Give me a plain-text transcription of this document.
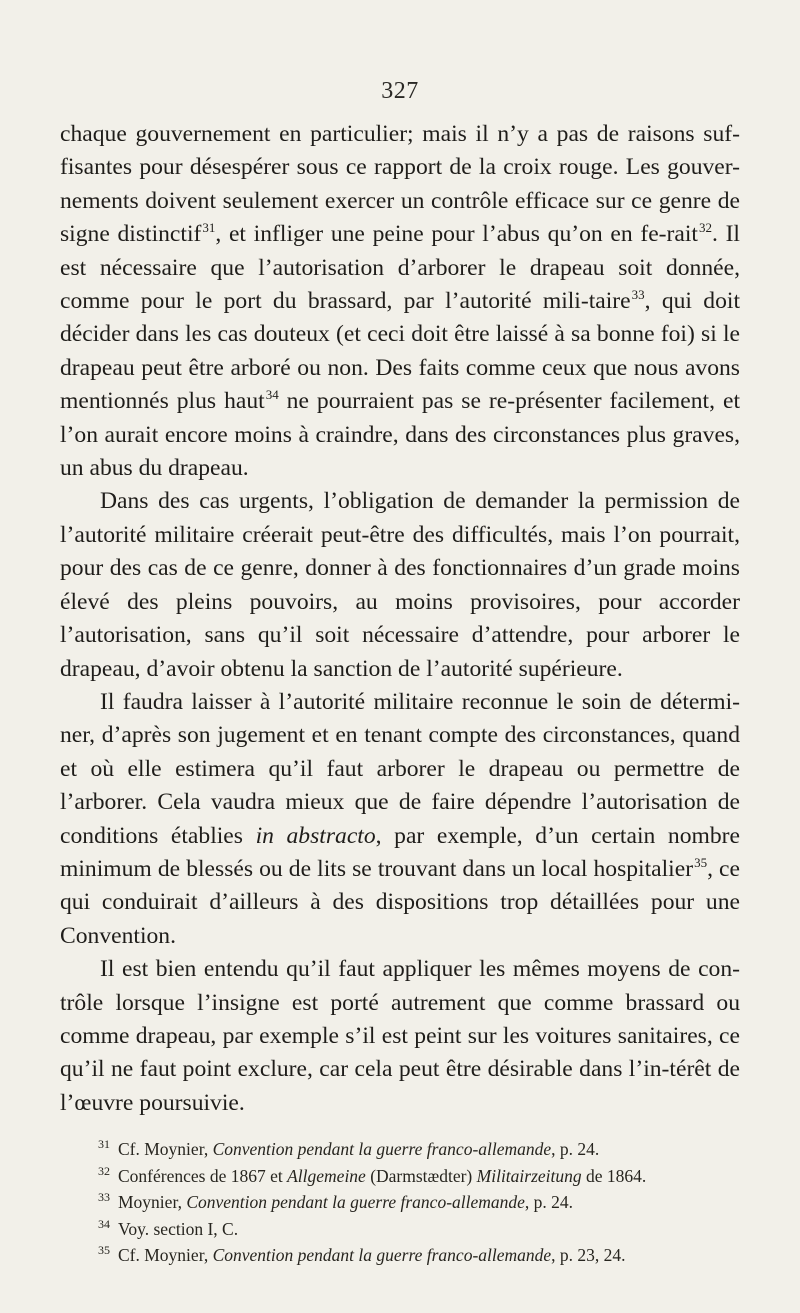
327

chaque gouvernement en particulier; mais il n’y a pas de raisons suf-fisantes pour désespérer sous ce rapport de la croix rouge. Les gouver-nements doivent seulement exercer un contrôle efficace sur ce genre de signe distinctif$^{31}$, et infliger une peine pour l’abus qu’on en fe-rait$^{32}$. Il est nécessaire que l’autorisation d’arborer le drapeau soit donnée, comme pour le port du brassard, par l’autorité mili-taire$^{33}$, qui doit décider dans les cas douteux (et ceci doit être laissé à sa bonne foi) si le drapeau peut être arboré ou non. Des faits comme ceux que nous avons mentionnés plus haut$^{34}$ ne pourraient pas se re-présenter facilement, et l’on aurait encore moins à craindre, dans des circonstances plus graves, un abus du drapeau.

Dans des cas urgents, l’obligation de demander la permission de l’autorité militaire créerait peut-être des difficultés, mais l’on pourrait, pour des cas de ce genre, donner à des fonctionnaires d’un grade moins élevé des pleins pouvoirs, au moins provisoires, pour accorder l’autorisation, sans qu’il soit nécessaire d’attendre, pour arborer le drapeau, d’avoir obtenu la sanction de l’autorité supérieure.

Il faudra laisser à l’autorité militaire reconnue le soin de détermi-ner, d’après son jugement et en tenant compte des circonstances, quand et où elle estimera qu’il faut arborer le drapeau ou permettre de l’arborer. Cela vaudra mieux que de faire dépendre l’autorisation de conditions établies in abstracto, par exemple, d’un certain nombre minimum de blessés ou de lits se trouvant dans un local hospitalier$^{35}$, ce qui conduirait d’ailleurs à des dispositions trop détaillées pour une Convention.

Il est bien entendu qu’il faut appliquer les mêmes moyens de con-trôle lorsque l’insigne est porté autrement que comme brassard ou comme drapeau, par exemple s’il est peint sur les voitures sanitaires, ce qu’il ne faut point exclure, car cela peut être désirable dans l’in-térêt de l’œuvre poursuivie.

$^{31}$ Cf. Moynier, Convention pendant la guerre franco-allemande, p. 24.
$^{32}$ Conférences de 1867 et Allgemeine (Darmstædter) Militairzeitung de 1864.
$^{33}$ Moynier, Convention pendant la guerre franco-allemande, p. 24.
$^{34}$ Voy. section I, C.
$^{35}$ Cf. Moynier, Convention pendant la guerre franco-allemande, p. 23, 24.
